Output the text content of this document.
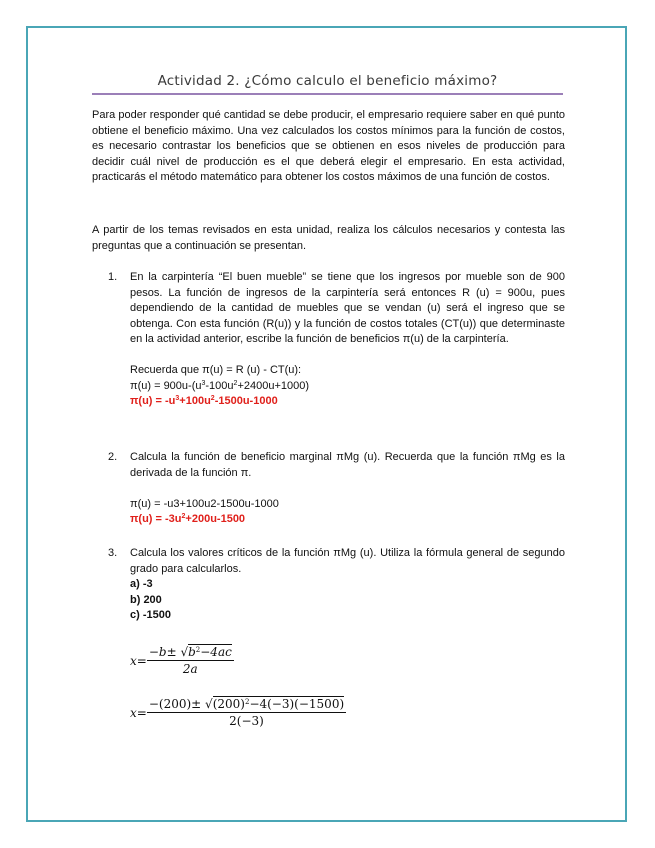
Actividad 2. ¿Cómo calculo el beneficio máximo?

Para poder responder qué cantidad se debe producir, el empresario requiere saber en qué punto obtiene el beneficio máximo. Una vez calculados los costos mínimos para la función de costos, es necesario contrastar los beneficios que se obtienen en esos niveles de producción para decidir cuál nivel de producción es el que deberá elegir el empresario. En esta actividad, practicarás el método matemático para obtener los costos máximos de una función de costos.

A partir de los temas revisados en esta unidad, realiza los cálculos necesarios y contesta las preguntas que a continuación se presentan.

1. En la carpintería “El buen mueble” se tiene que los ingresos por mueble son de 900 pesos. La función de ingresos de la carpintería será entonces R (u) = 900u, pues dependiendo de la cantidad de muebles que se vendan (u) será el ingreso que se obtenga. Con esta función (R(u)) y la función de costos totales (CT(u)) que determinaste en la actividad anterior, escribe la función de beneficios π(u) de la carpintería.
Recuerda que π(u) = R (u) - CT(u):
$\pi(u) = 900u-(u^3-100u^2+2400u+1000)$
$\pi(u) = -u^3+100u^2-1500u-1000$
2. Calcula la función de beneficio marginal πMg (u). Recuerda que la función πMg es la derivada de la función π.
π(u) = -u3+100u2-1500u-1000
$\pi(u) = -3u^2+200u-1500$
3. Calcula los valores críticos de la función πMg (u). Utiliza la fórmula general de segundo grado para calcularlos.
a) -3
b) 200
c) -1500
$x= \frac{-b\pm √b^2-4ac}{2a}$
$x= \frac{-(200)\pm √(200)^2-4(-3)(-1500)}{2(-3)}$
